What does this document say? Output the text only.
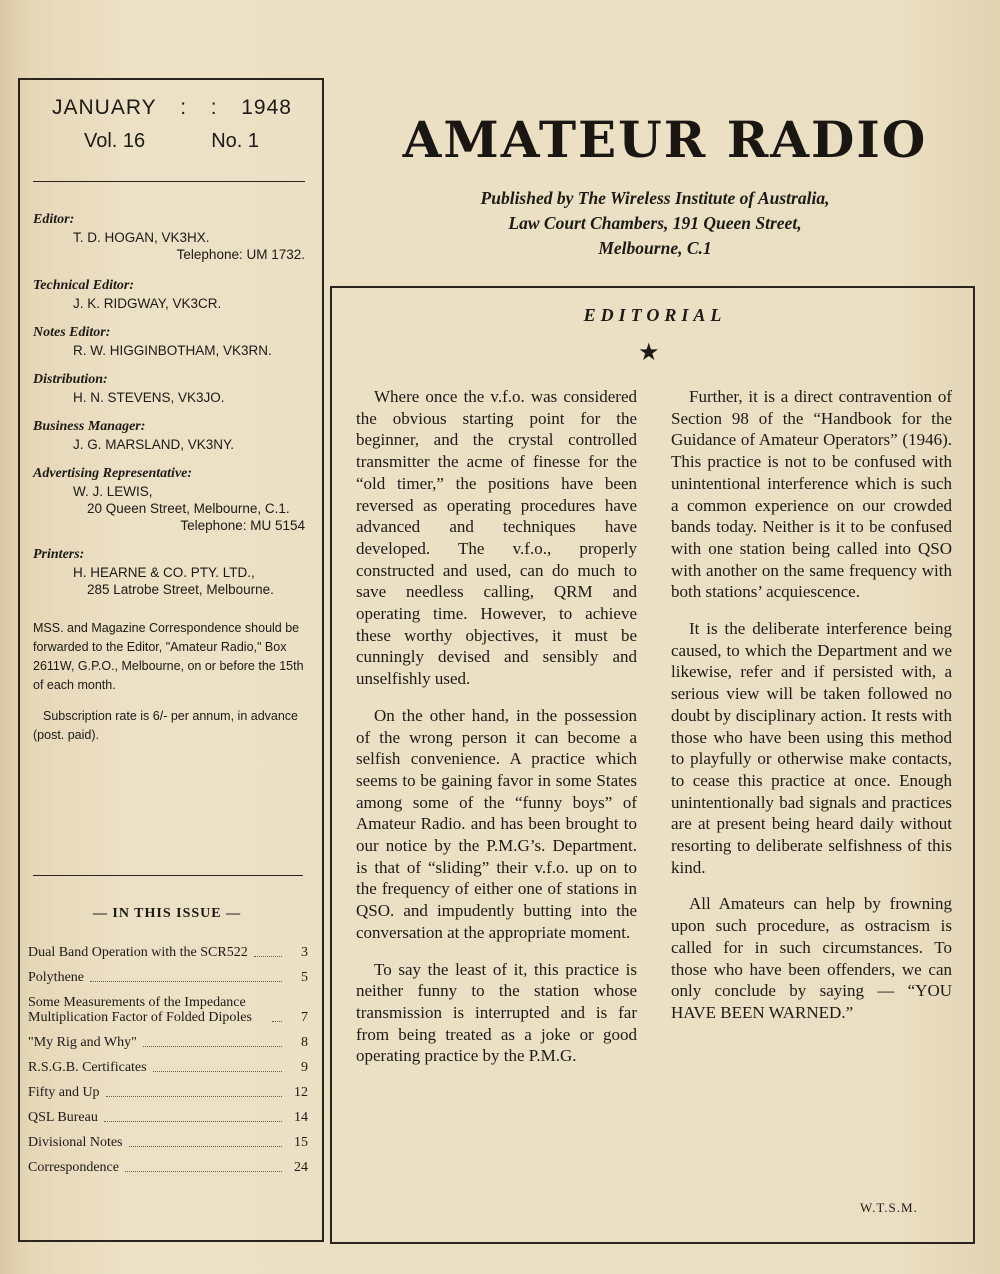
JANUARY : : 1948
Vol. 16	No. 1

Editor:

T. D. HOGAN, VK3HX.

Telephone: UM 1732.

Technical Editor:

J. K. RIDGWAY, VK3CR.

Notes Editor:

R. W. HIGGINBOTHAM, VK3RN.

Distribution:

H. N. STEVENS, VK3JO.

Business Manager:

J. G. MARSLAND, VK3NY.

Advertising Representative:

W. J. LEWIS,

20 Queen Street, Melbourne, C.1.

Telephone: MU 5154

Printers:

H. HEARNE & CO. PTY. LTD.,

285 Latrobe Street, Melbourne.

MSS. and Magazine Correspondence should be forwarded to the Editor, "Amateur Radio," Box 2611W, G.P.O., Melbourne, on or before the 15th of each month.

Subscription rate is 6/- per annum, in advance (post. paid).

— IN THIS ISSUE —
Dual Band Operation with the SCR522	3
Polythene	5
Some Measurements of the Impedance Multiplication Factor of Folded Dipoles	7
"My Rig and Why"	8
R.S.G.B. Certificates	9
Fifty and Up	12
QSL Bureau	14
Divisional Notes	15
Correspondence	24
AMATEUR RADIO
Published by The Wireless Institute of Australia,
Law Court Chambers, 191 Queen Street,
Melbourne, C.1
EDITORIAL
★

Where once the v.f.o. was considered the obvious starting point for the beginner, and the crystal controlled transmitter the acme of finesse for the “old timer,” the positions have been reversed as operating procedures have advanced and techniques have developed. The v.f.o., properly constructed and used, can do much to save needless calling, QRM and operating time. However, to achieve these worthy objectives, it must be cunningly devised and sensibly and unselfishly used.

On the other hand, in the possession of the wrong person it can become a selfish convenience. A practice which seems to be gaining favor in some States among some of the “funny boys” of Amateur Radio. and has been brought to our notice by the P.M.G’s. Department. is that of “sliding” their v.f.o. up on to the frequency of either one of stations in QSO. and impudently butting into the conversation at the appropriate moment.

To say the least of it, this practice is neither funny to the station whose transmission is interrupted and is far from being treated as a joke or good operating practice by the P.M.G.

Further, it is a direct contravention of Section 98 of the “Handbook for the Guidance of Amateur Operators” (1946). This practice is not to be confused with unintentional interference which is such a common experience on our crowded bands today. Neither is it to be confused with one station being called into QSO with another on the same frequency with both stations’ acquiescence.

It is the deliberate interference being caused, to which the Department and we likewise, refer and if persisted with, a serious view will be taken followed no doubt by disciplinary action. It rests with those who have been using this method to playfully or otherwise make contacts, to cease this practice at once. Enough unintentionally bad signals and practices are at present being heard daily without resorting to deliberate selfishness of this kind.

All Amateurs can help by frowning upon such procedure, as ostracism is called for in such circumstances. To those who have been offenders, we can only conclude by saying — “YOU HAVE BEEN WARNED.”

W.T.S.M.
